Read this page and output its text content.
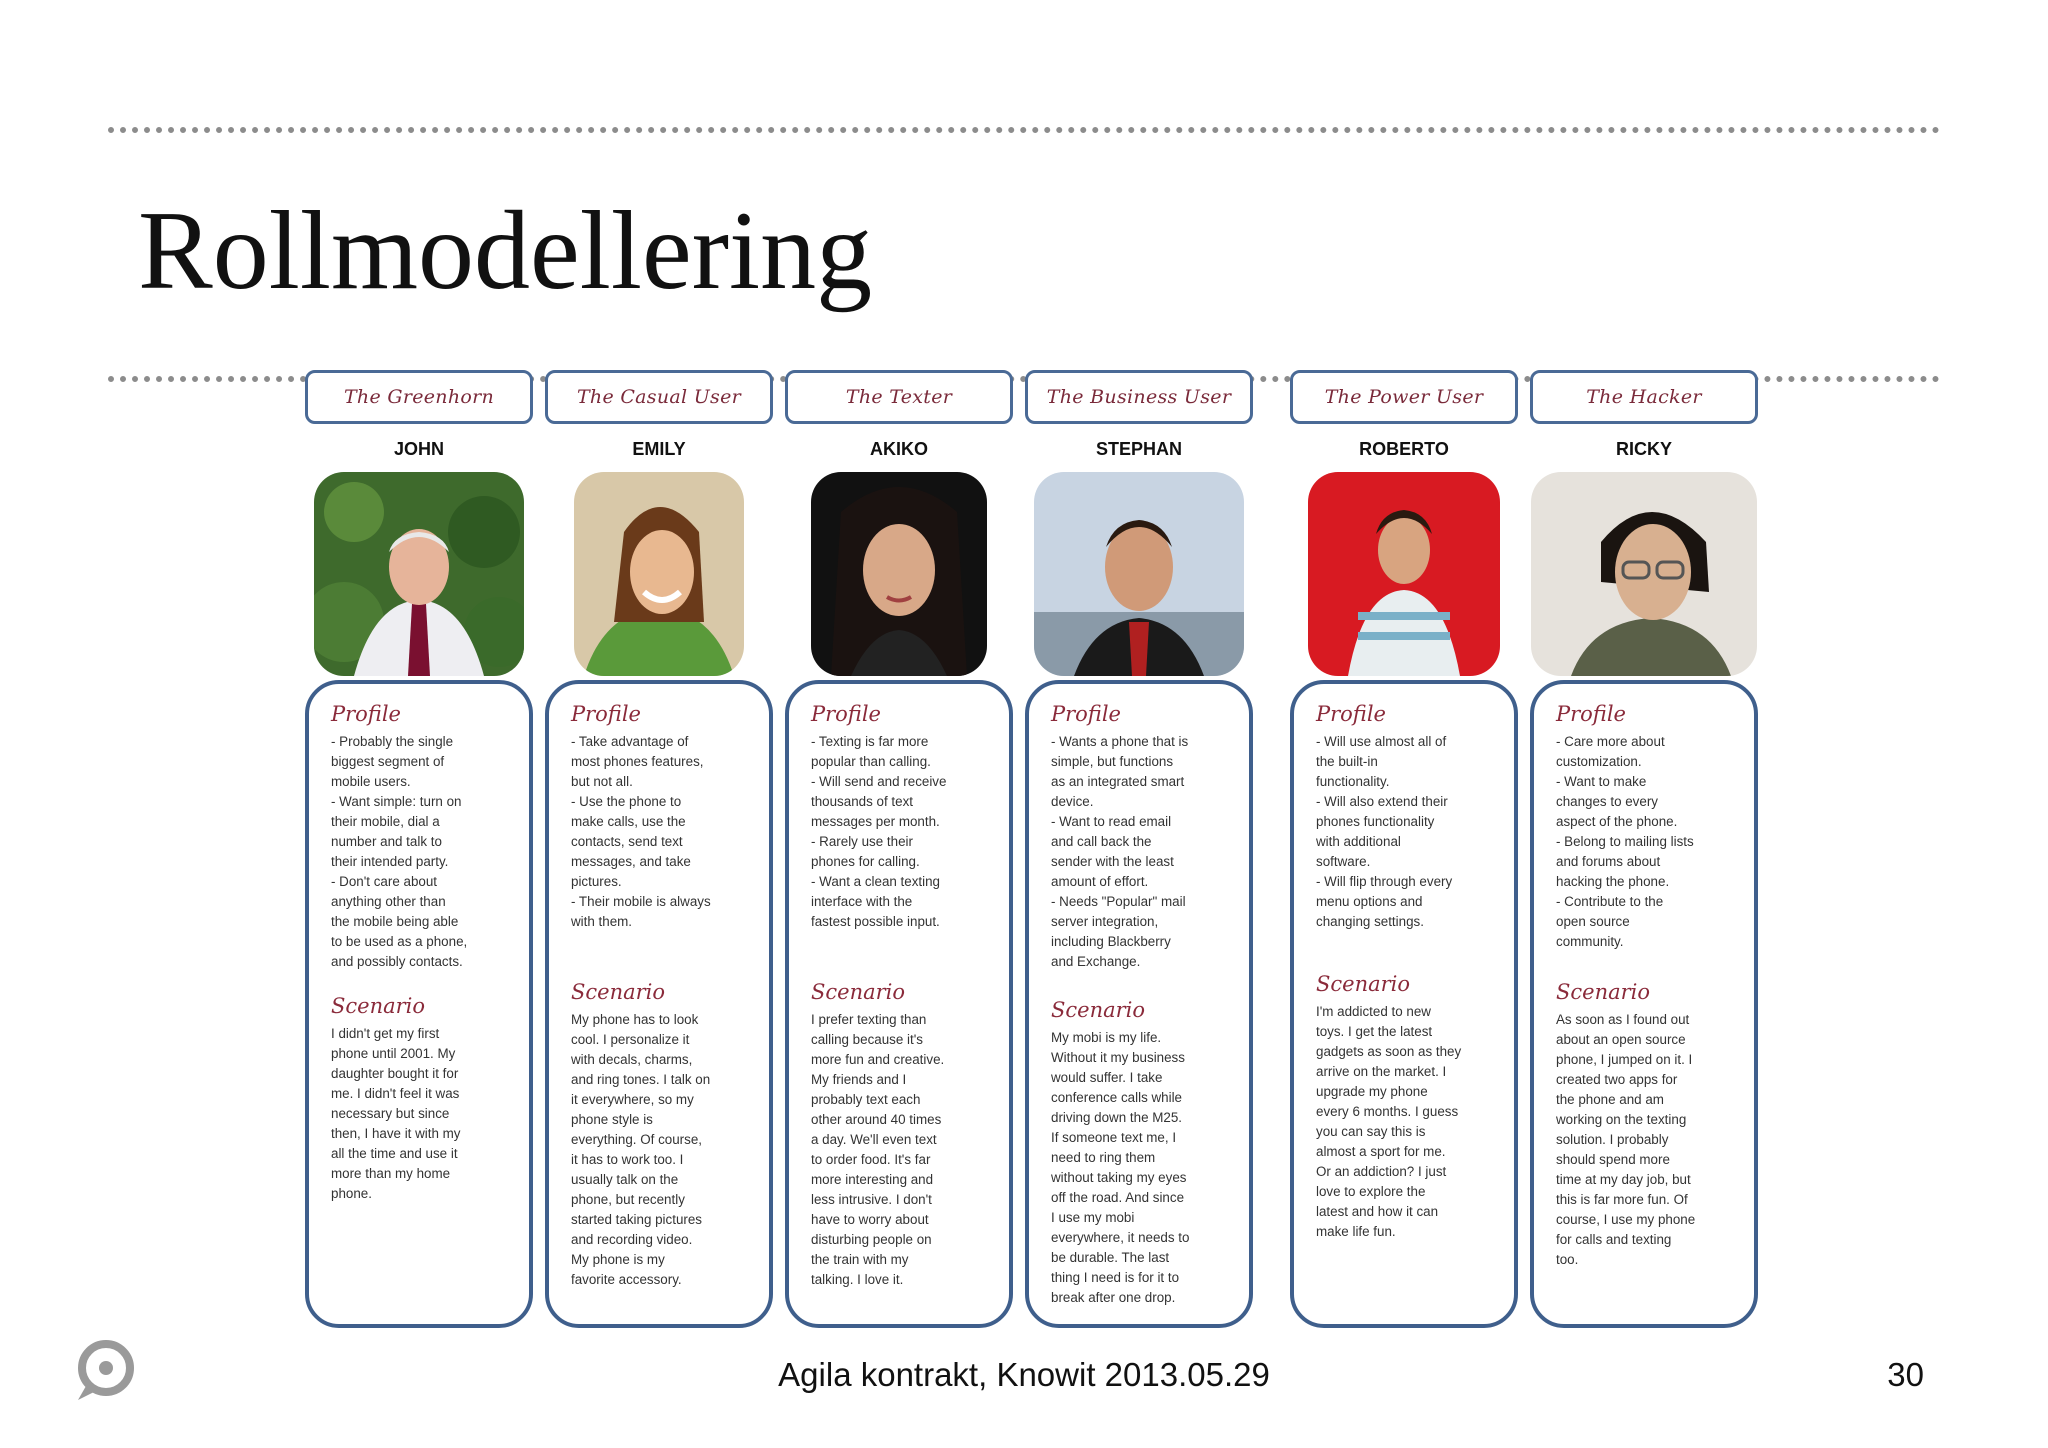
Rollmodellering
The Greenhorn
JOHN
Profile
- Probably the single
biggest segment of
mobile users.
- Want simple: turn on
their mobile, dial a
number and talk to
their intended party.
- Don't care about
anything other than
the mobile being able
to be used as a phone,
and possibly contacts.
Scenario
I didn't get my first
phone until 2001. My
daughter bought it for
me. I didn't feel it was
necessary but since
then, I have it with my
all the time and use it
more than my home
phone.
The Casual User
EMILY
Profile
- Take advantage of
most phones features,
but not all.
- Use the phone to
make calls, use the
contacts, send text
messages, and take
pictures.
- Their mobile is always
with them.
Scenario
My phone has to look
cool. I personalize it
with decals, charms,
and ring tones. I talk on
it everywhere, so my
phone style is
everything. Of course,
it has to work too. I
usually talk on the
phone, but recently
started taking pictures
and recording video.
My phone is my
favorite accessory.
The Texter
AKIKO
Profile
- Texting is far more
popular than calling.
- Will send and receive
thousands of text
messages per month.
- Rarely use their
phones for calling.
- Want a clean texting
interface with the
fastest possible input.
Scenario
I prefer texting than
calling because it's
more fun and creative.
My friends and I
probably text each
other around 40 times
a day. We'll even text
to order food. It's far
more interesting and
less intrusive. I don't
have to worry about
disturbing people on
the train with my
talking. I love it.
The Business User
STEPHAN
Profile
- Wants a phone that is
simple, but functions
as an integrated smart
device.
- Want to read email
and call back the
sender with the least
amount of effort.
- Needs "Popular" mail
server integration,
including Blackberry
and Exchange.
Scenario
My mobi is my life.
Without it my business
would suffer. I take
conference calls while
driving down the M25.
If someone text me, I
need to ring them
without taking my eyes
off the road. And since
I use my mobi
everywhere, it needs to
be durable. The last
thing I need is for it to
break after one drop.
The Power User
ROBERTO
Profile
- Will use almost all of
the built-in
functionality.
- Will also extend their
phones functionality
with additional
software.
- Will flip through every
menu options and
changing settings.
Scenario
I'm addicted to new
toys. I get the latest
gadgets as soon as they
arrive on the market. I
upgrade my phone
every 6 months. I guess
you can say this is
almost a sport for me.
Or an addiction? I just
love to explore the
latest and how it can
make life fun.
The Hacker
RICKY
Profile
- Care more about
customization.
- Want to make
changes to every
aspect of the phone.
- Belong to mailing lists
and forums about
hacking the phone.
- Contribute to the
open source
community.
Scenario
As soon as I found out
about an open source
phone, I jumped on it. I
created two apps for
the phone and am
working on the texting
solution. I probably
should spend more
time at my day job, but
this is far more fun. Of
course, I use my phone
for calls and texting
too.
Agila kontrakt, Knowit 2013.05.29	30
